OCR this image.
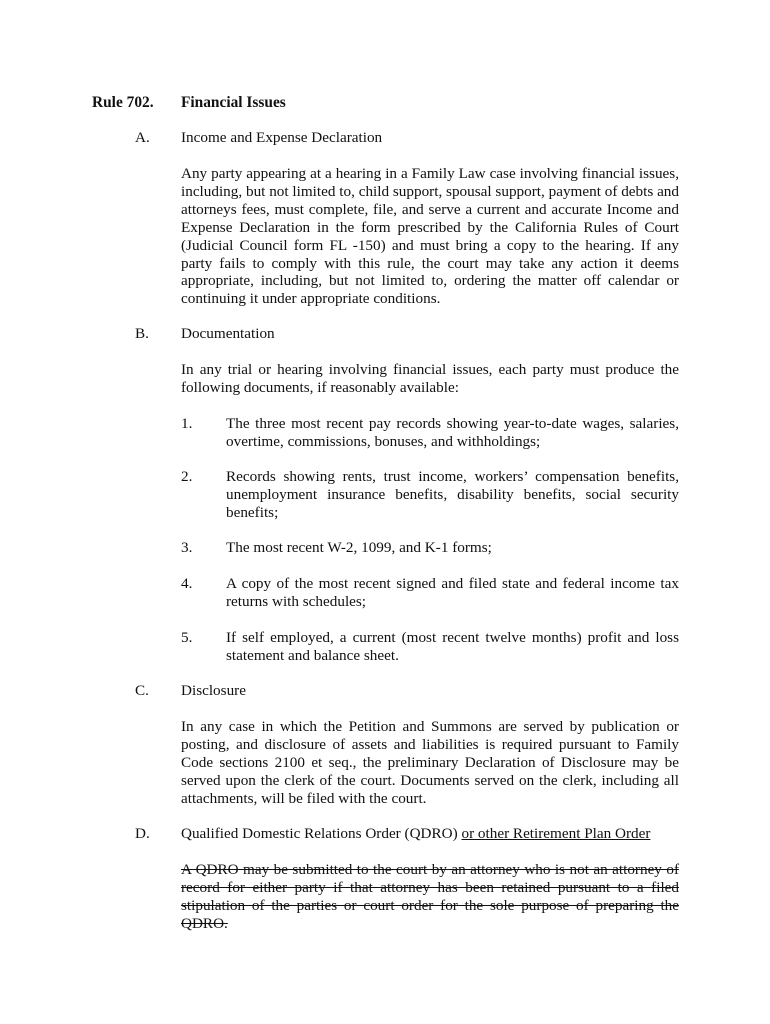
Rule 702. Financial Issues
A. Income and Expense Declaration
Any party appearing at a hearing in a Family Law case involving financial issues, including, but not limited to, child support, spousal support, payment of debts and attorneys fees, must complete, file, and serve a current and accurate Income and Expense Declaration in the form prescribed by the California Rules of Court (Judicial Council form FL -150) and must bring a copy to the hearing. If any party fails to comply with this rule, the court may take any action it deems appropriate, including, but not limited to, ordering the matter off calendar or continuing it under appropriate conditions.
B. Documentation
In any trial or hearing involving financial issues, each party must produce the following documents, if reasonably available:
1. The three most recent pay records showing year-to-date wages, salaries, overtime, commissions, bonuses, and withholdings;
2. Records showing rents, trust income, workers’ compensation benefits, unemployment insurance benefits, disability benefits, social security benefits;
3. The most recent W-2, 1099, and K-1 forms;
4. A copy of the most recent signed and filed state and federal income tax returns with schedules;
5. If self employed, a current (most recent twelve months) profit and loss statement and balance sheet.
C. Disclosure
In any case in which the Petition and Summons are served by publication or posting, and disclosure of assets and liabilities is required pursuant to Family Code sections 2100 et seq., the preliminary Declaration of Disclosure may be served upon the clerk of the court. Documents served on the clerk, including all attachments, will be filed with the court.
D. Qualified Domestic Relations Order (QDRO) or other Retirement Plan Order
A QDRO may be submitted to the court by an attorney who is not an attorney of record for either party if that attorney has been retained pursuant to a filed stipulation of the parties or court order for the sole purpose of preparing the QDRO.
